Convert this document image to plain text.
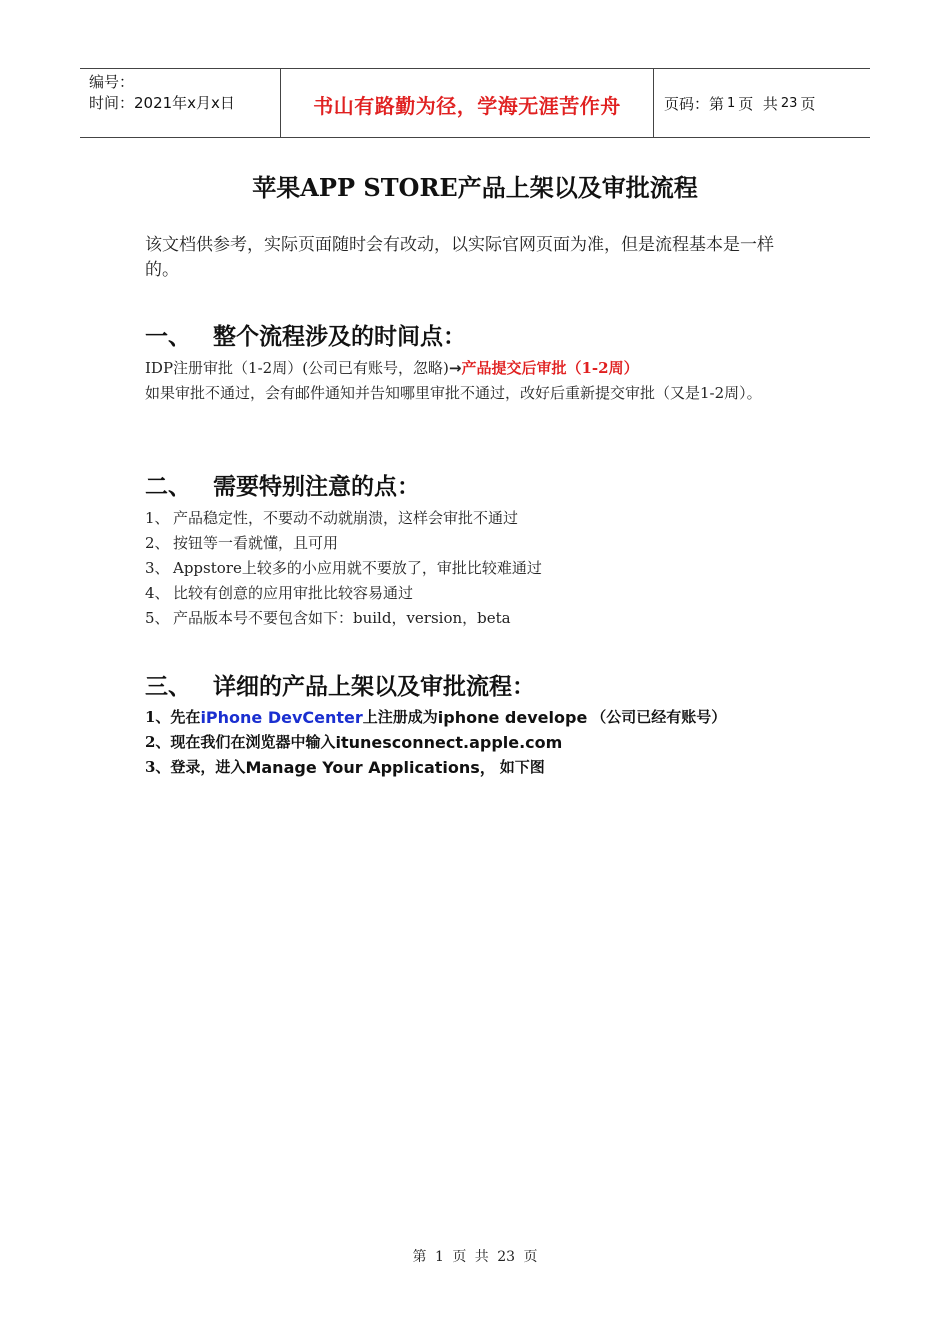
编号：
时间：2021年x月x日	书山有路勤为径，学海无涯苦作舟	页码：第 1 页  共 23 页
苹果APP STORE产品上架以及审批流程
该文档供参考，实际页面随时会有改动，以实际官网页面为准，但是流程基本是一样的。
一、 整个流程涉及的时间点：
IDP注册审批（1-2周）(公司已有账号，忽略)→产品提交后审批（1-2周）
如果审批不通过，会有邮件通知并告知哪里审批不通过，改好后重新提交审批（又是1-2周）。
二、 需要特别注意的点：
1、 产品稳定性，不要动不动就崩溃，这样会审批不通过
2、 按钮等一看就懂，且可用
3、 Appstore上较多的小应用就不要放了，审批比较难通过
4、 比较有创意的应用审批比较容易通过
5、 产品版本号不要包含如下：build，version，beta
三、 详细的产品上架以及审批流程：
1、先在 iPhone DevCenter 上注册成为 iphone develope （公司已经有账号）
2、现在我们在浏览器中输入 itunesconnect.apple.com
3、登录，进入 Manage Your Applications， 如下图
第 1 页 共 23 页
